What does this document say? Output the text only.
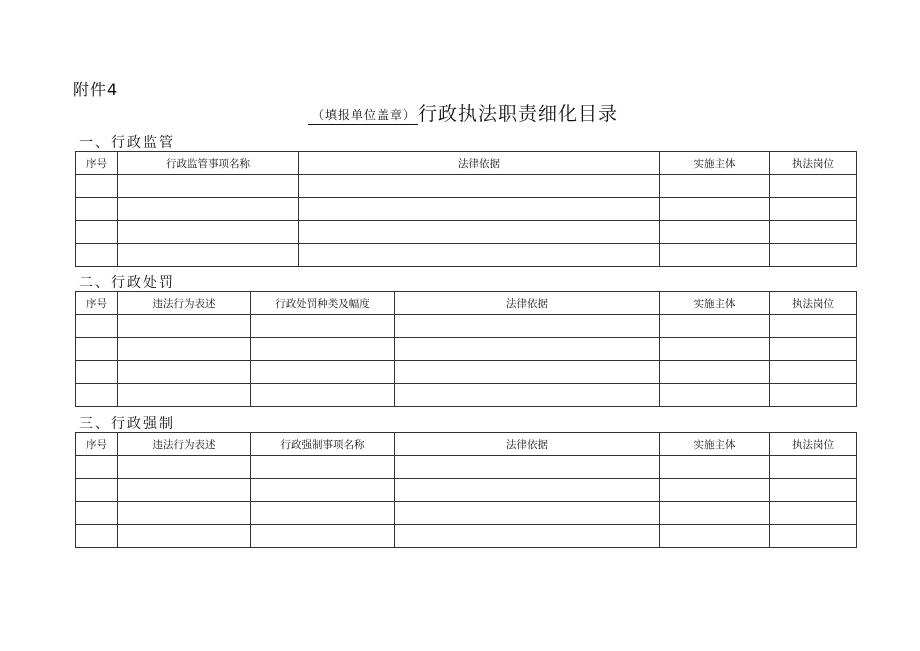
附件4
（填报单位盖章） 行政执法职责细化目录
一、行政监管
序号	行政监管事项名称	法律依据	实施主体	执法岗位

二、行政处罚
序号	违法行为表述	行政处罚种类及幅度	法律依据	实施主体	执法岗位

三、行政强制
序号	违法行为表述	行政强制事项名称	法律依据	实施主体	执法岗位
